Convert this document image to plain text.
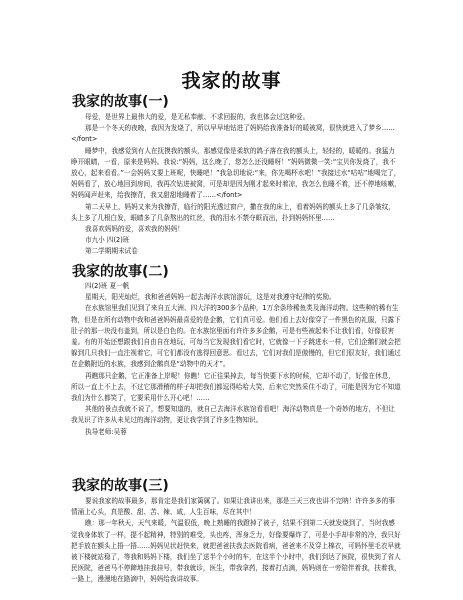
我家的故事
我家的故事(一)

母爱，是世界上最伟大的爱，是无私奉献、不求回报的，我也体会过这种爱。

那是一个冬天的夜晚，我因为发烧了，所以早早地钻进了妈妈给我准备好的暖被窝，很快就进入了梦乡…… </font>

睡梦中，我感觉到有人在抚摸我的额头，那感觉像是柔软的鸽子落在我的额头上，轻轻的，暖暖的。我猛力睁开眼睛，一看，原来是妈妈。我说:“妈妈，这么晚了，您怎么还没睡呀！”妈妈微微一笑:“宝贝你发烧了，我不放心，起来看看。”一会妈妈又要上班呢，快睡吧！”我急切地说:“来，你先喝杯水吧！”我接过水“咕咕”地喝完了，妈妈看了，放心地回到房间，我再次钻进被窝，可是却是因为刚才起来时着凉，我怎么也睡不着，还不停地咳嗽，妈妈闻声赶来，给我擦背，我又甜甜地睡着了……</font>

第二天早上，妈妈又来为我擦背，临行的阳光透过窗户，撒在我的床上，看着妈妈的额头上多了几条皱纹，头上多了几根白发，眼睛多了几条熬出的红丝，我的泪水不禁夺眶而出，扑到妈妈怀里……

我喜欢妈妈的爱，喜欢我的妈妈！

市九小 四(2)班

第二学期期末试卷

我家的故事(二)

四(2)班 夏一帆

星期天，阳光灿烂，我和爸爸妈妈一起去海洋水族馆游玩，这是对我遵守纪律的奖励。

在水族馆里我们见到了来自五大洲、四大洋的300多个品种，1万余条珍稀鱼类及海洋动物。这些种的稀有生物，但是在所有动物中我和爸爸妈妈最喜爱的是企鹅，它们真可爱。他们看上去好像穿了一件黑色的礼服，只露下肚子的那一块没有盖到，所以是白色的。在水族馆里面有许许多多企鹅，可是有些被起来不让我们看，好像很害羞。有的开始还想跟我们自由自在地玩，可每当它发现我们看它时，它就像一下子跳进水一样，它们企鹅们就会把躲到几只我们一直注视着它，可它们都没有逃得回意思。看过去，它们对我们是傲慢的，但它们很友好，我们通过在企鹅附近的水族，我感到企鹅真是“动物中的天才”。

再瞧那只企鹅，它正准备上岸呢！你瞧！它正往果掉去，每当快要下水的时候，它却不动了，好像在休息，所以一直上不上去，不过它那滑稽的样子却把我们都逗得哈哈大笑，后来它突然采住不动了，可能是因为它不知道我们为什么都笑了，它要采用什么开心吧！……

其他的景点我就不说了，想要知道的，就自己去海洋水族馆看看吧！海洋动物真是一个奇妙的地方，不但让我见识了许多从未见过的海洋动物，更让我学到了许多生物知识。

执导老师:吴蓉

我家的故事(三)

要说我家的故事最多，那肯定是我们家篱属了。如果让我讲出来，那是三天三夜也讲不完呐！许许多多的事情涌上心头，真是酸、甜、苦、辣、咸，人生百味，尽在其中！

瞧：那一年秋天，天气来暖，气温很低，晚上熟睡的我蹬掉了被子，结果不到第二天就发烧到了，当时我感觉我身体软了一样，提不起精神，特别的难受，头也疼，浑身乏力，好像要爆炸了，可是小手却非常的冷，我只好把手放在额头上捂一捂……妈妈见状赶快来，就把爸爸扶我去医院看病，爸爸来不及穿上棉衣，可妈怀里毛衣早就被下楼就站稳了，等我和妈妈下楼，我们坐了送半个小时的车，在这半个小时中，我们到达了医院，很快到了省人民医院，爸爸马不停蹄地挂我挂号，带我就诊，医生，带我拿药，接着打点滴，妈妈则在一旁陪伴着我，扶着我，一路上，漫漫地在路滴中，妈妈给我讲故事。
